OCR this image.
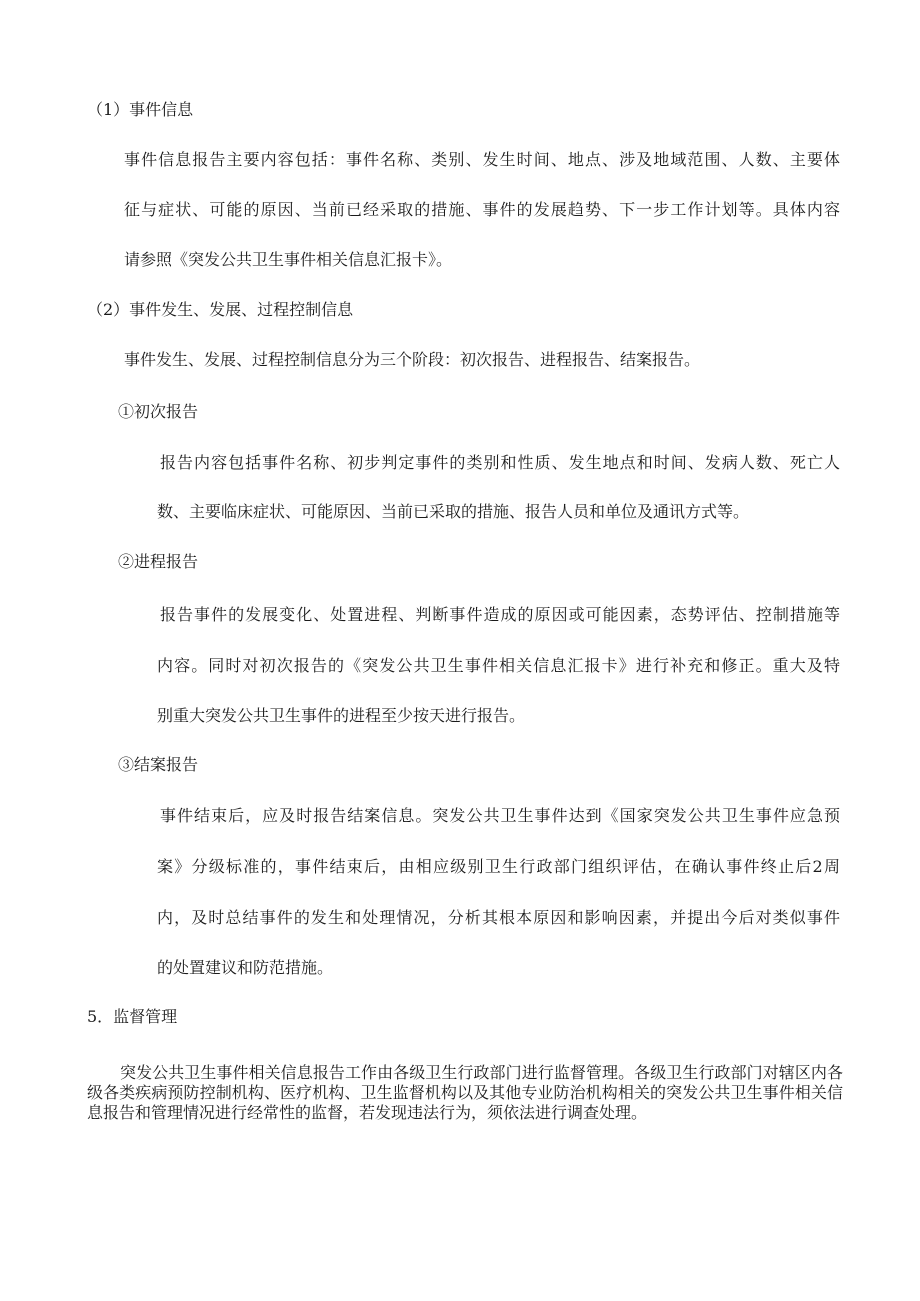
（1）事件信息
事件信息报告主要内容包括：事件名称、类别、发生时间、地点、涉及地域范围、人数、主要体
征与症状、可能的原因、当前已经采取的措施、事件的发展趋势、下一步工作计划等。具体内容
请参照《突发公共卫生事件相关信息汇报卡》。
（2）事件发生、发展、过程控制信息
事件发生、发展、过程控制信息分为三个阶段：初次报告、进程报告、结案报告。
①初次报告
报告内容包括事件名称、初步判定事件的类别和性质、发生地点和时间、发病人数、死亡人
数、主要临床症状、可能原因、当前已采取的措施、报告人员和单位及通讯方式等。
②进程报告
报告事件的发展变化、处置进程、判断事件造成的原因或可能因素，态势评估、控制措施等
内容。同时对初次报告的《突发公共卫生事件相关信息汇报卡》进行补充和修正。重大及特
别重大突发公共卫生事件的进程至少按天进行报告。
③结案报告
事件结束后，应及时报告结案信息。突发公共卫生事件达到《国家突发公共卫生事件应急预
案》分级标准的，事件结束后，由相应级别卫生行政部门组织评估，在确认事件终止后2周
内，及时总结事件的发生和处理情况，分析其根本原因和影响因素，并提出今后对类似事件
的处置建议和防范措施。
5．监督管理
突发公共卫生事件相关信息报告工作由各级卫生行政部门进行监督管理。各级卫生行政部门对辖区内各级各类疾病预防控制机构、医疗机构、卫生监督机构以及其他专业防治机构相关的突发公共卫生事件相关信息报告和管理情况进行经常性的监督，若发现违法行为，须依法进行调查处理。
